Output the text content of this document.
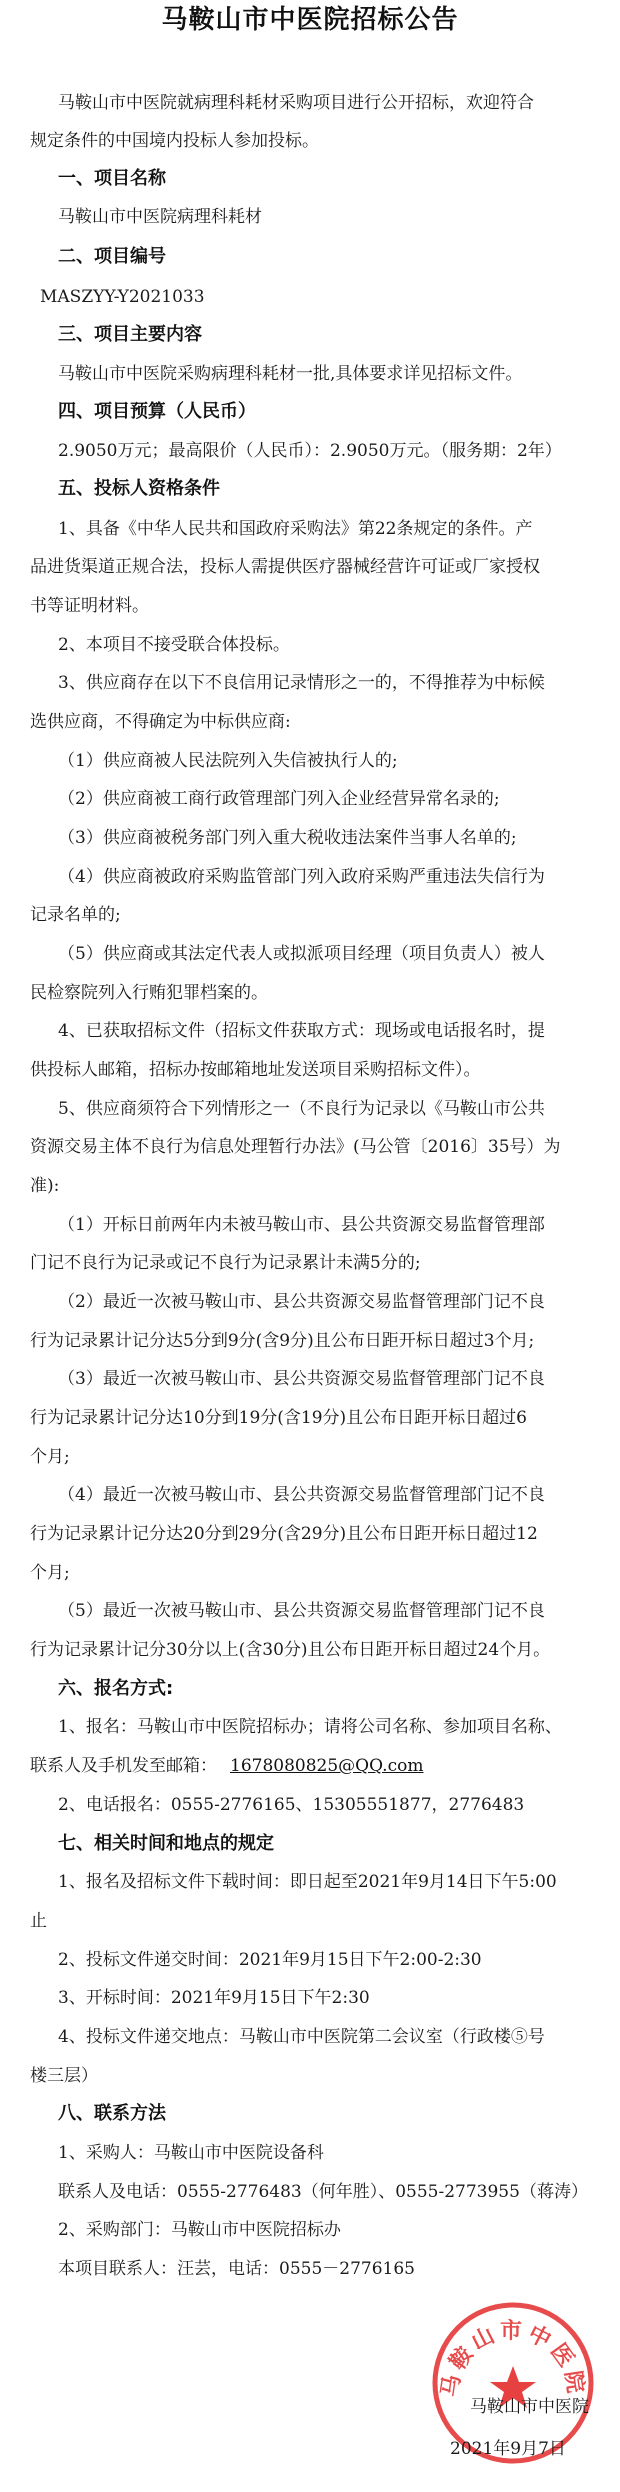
马鞍山市中医院招标公告
马鞍山市中医院就病理科耗材采购项目进行公开招标，欢迎符合
规定条件的中国境内投标人参加投标。
一、项目名称
马鞍山市中医院病理科耗材
二、项目编号
MASZYY-Y2021033
三、项目主要内容
马鞍山市中医院采购病理科耗材一批,具体要求详见招标文件。
四、项目预算（人民币）
2.9050万元；最高限价（人民币）：2.9050万元。（服务期：2年）
五、投标人资格条件
1、具备《中华人民共和国政府采购法》第22条规定的条件。产
品进货渠道正规合法，投标人需提供医疗器械经营许可证或厂家授权
书等证明材料。
2、本项目不接受联合体投标。
3、供应商存在以下不良信用记录情形之一的，不得推荐为中标候
选供应商，不得确定为中标供应商:
（1）供应商被人民法院列入失信被执行人的;
（2）供应商被工商行政管理部门列入企业经营异常名录的;
（3）供应商被税务部门列入重大税收违法案件当事人名单的;
（4）供应商被政府采购监管部门列入政府采购严重违法失信行为
记录名单的;
（5）供应商或其法定代表人或拟派项目经理（项目负责人）被人
民检察院列入行贿犯罪档案的。
4、已获取招标文件（招标文件获取方式：现场或电话报名时，提
供投标人邮箱，招标办按邮箱地址发送项目采购招标文件）。
5、供应商须符合下列情形之一（不良行为记录以《马鞍山市公共
资源交易主体不良行为信息处理暂行办法》(马公管〔2016〕35号）为
准):
（1）开标日前两年内未被马鞍山市、县公共资源交易监督管理部
门记不良行为记录或记不良行为记录累计未满5分的;
（2）最近一次被马鞍山市、县公共资源交易监督管理部门记不良
行为记录累计记分达5分到9分(含9分)且公布日距开标日超过3个月;
（3）最近一次被马鞍山市、县公共资源交易监督管理部门记不良
行为记录累计记分达10分到19分(含19分)且公布日距开标日超过6
个月;
（4）最近一次被马鞍山市、县公共资源交易监督管理部门记不良
行为记录累计记分达20分到29分(含29分)且公布日距开标日超过12
个月;
（5）最近一次被马鞍山市、县公共资源交易监督管理部门记不良
行为记录累计记分30分以上(含30分)且公布日距开标日超过24个月。
六、报名方式:
1、报名：马鞍山市中医院招标办；请将公司名称、参加项目名称、
联系人及手机发至邮箱： 1678080825@QQ.com
2、电话报名：0555-2776165、15305551877，2776483
七、相关时间和地点的规定
1、报名及招标文件下载时间：即日起至2021年9月14日下午5:00
止
2、投标文件递交时间：2021年9月15日下午2:00-2:30
3、开标时间：2021年9月15日下午2:30
4、投标文件递交地点：马鞍山市中医院第二会议室（行政楼⑤号
楼三层）
八、联系方法
1、采购人：马鞍山市中医院设备科
联系人及电话：0555-2776483（何年胜）、0555-2773955（蒋涛）
2、采购部门：马鞍山市中医院招标办
本项目联系人：汪芸，电话：0555－2776165
马鞍山市中医院
马鞍山市中医院
2021年9月7日
